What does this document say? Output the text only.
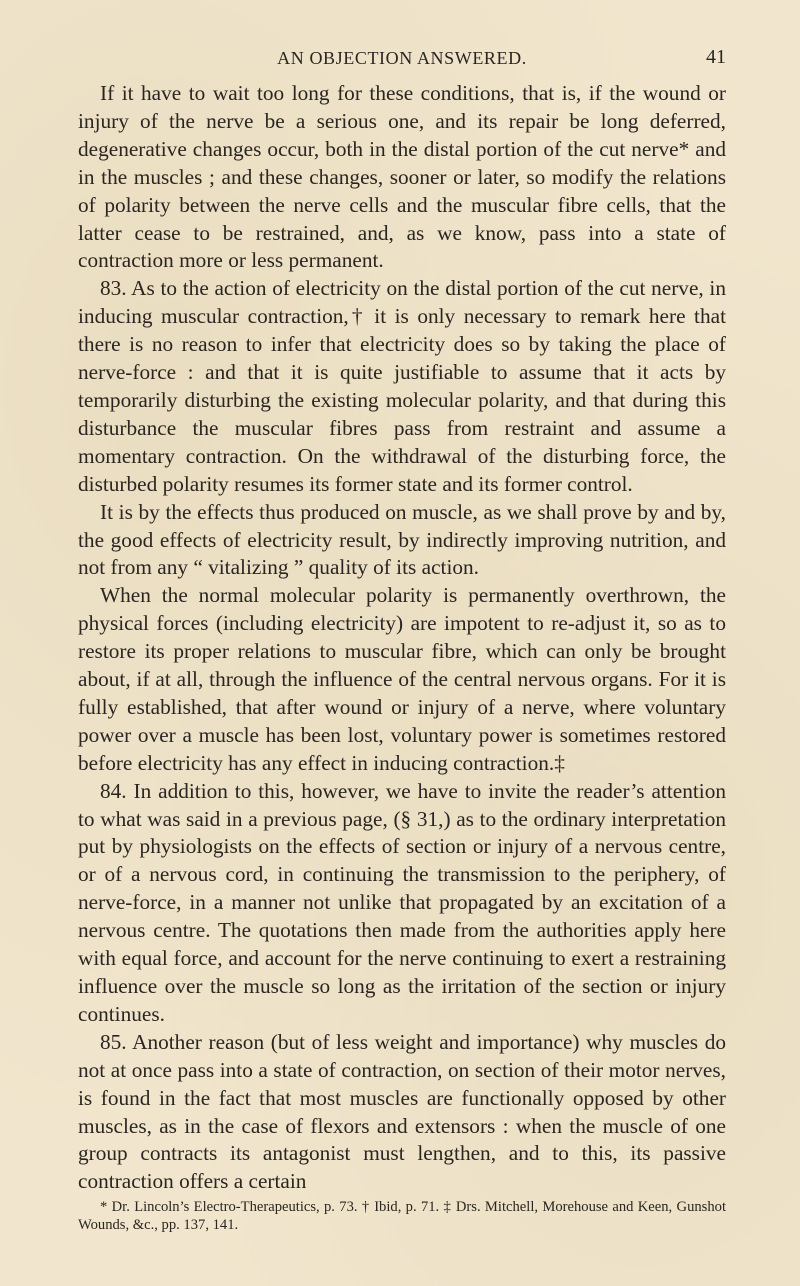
AN OBJECTION ANSWERED.	41

If it have to wait too long for these conditions, that is, if the wound or injury of the nerve be a serious one, and its repair be long deferred, degenerative changes occur, both in the distal portion of the cut nerve* and in the muscles ; and these changes, sooner or later, so modify the relations of polarity between the nerve cells and the muscular fibre cells, that the latter cease to be restrained, and, as we know, pass into a state of contraction more or less permanent.

83. As to the action of electricity on the distal portion of the cut nerve, in inducing muscular contraction,† it is only necessary to remark here that there is no reason to infer that electricity does so by taking the place of nerve-force : and that it is quite justifiable to assume that it acts by temporarily disturbing the existing molecular polarity, and that during this disturbance the muscular fibres pass from restraint and assume a momentary contraction. On the withdrawal of the disturbing force, the disturbed polarity resumes its former state and its former control.

It is by the effects thus produced on muscle, as we shall prove by and by, the good effects of electricity result, by indirectly improving nutrition, and not from any “ vitalizing ” quality of its action.

When the normal molecular polarity is permanently overthrown, the physical forces (including electricity) are impotent to re-adjust it, so as to restore its proper relations to muscular fibre, which can only be brought about, if at all, through the influence of the central nervous organs. For it is fully established, that after wound or injury of a nerve, where voluntary power over a muscle has been lost, voluntary power is sometimes restored before electricity has any effect in inducing contraction.‡

84. In addition to this, however, we have to invite the reader’s attention to what was said in a previous page, (§ 31,) as to the ordinary interpretation put by physiologists on the effects of section or injury of a nervous centre, or of a nervous cord, in continuing the transmission to the periphery, of nerve-force, in a manner not unlike that propagated by an excitation of a nervous centre. The quotations then made from the authorities apply here with equal force, and account for the nerve continuing to exert a restraining influence over the muscle so long as the irritation of the section or injury continues.

85. Another reason (but of less weight and importance) why muscles do not at once pass into a state of contraction, on section of their motor nerves, is found in the fact that most muscles are functionally opposed by other muscles, as in the case of flexors and extensors : when the muscle of one group contracts its antagonist must lengthen, and to this, its passive contraction offers a certain

* Dr. Lincoln’s Electro-Therapeutics, p. 73. † Ibid, p. 71. ‡ Drs. Mitchell, Morehouse and Keen, Gunshot Wounds, &c., pp. 137, 141.
